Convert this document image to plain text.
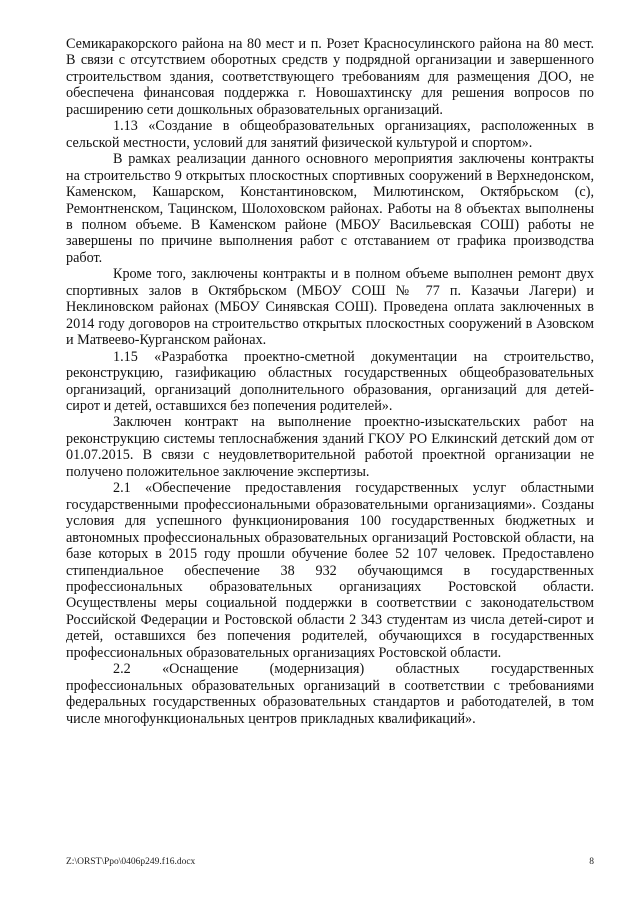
Семикаракорского района на 80 мест и п. Розет Красносулинского района на 80 мест. В связи с отсутствием оборотных средств у подрядной организации и завершенного строительством здания, соответствующего требованиям для размещения ДОО, не обеспечена финансовая поддержка г. Новошахтинску для решения вопросов по расширению сети дошкольных образовательных организаций.

1.13 «Создание в общеобразовательных организациях, расположенных в сельской местности, условий для занятий физической культурой и спортом».

В рамках реализации данного основного мероприятия заключены контракты на строительство 9 открытых плоскостных спортивных сооружений в Верхнедонском, Каменском, Кашарском, Константиновском, Милютинском, Октябрьском (с), Ремонтненском, Тацинском, Шолоховском районах. Работы на 8 объектах выполнены в полном объеме. В Каменском районе (МБОУ Васильевская СОШ) работы не завершены по причине выполнения работ с отставанием от графика производства работ.

Кроме того, заключены контракты и в полном объеме выполнен ремонт двух спортивных залов в Октябрьском (МБОУ СОШ № 77 п. Казачьи Лагери) и Неклиновском районах (МБОУ Синявская СОШ). Проведена оплата заключенных в 2014 году договоров на строительство открытых плоскостных сооружений в Азовском и Матвеево-Курганском районах.

1.15 «Разработка проектно-сметной документации на строительство, реконструкцию, газификацию областных государственных общеобразовательных организаций, организаций дополнительного образования, организаций для детей-сирот и детей, оставшихся без попечения родителей».

Заключен контракт на выполнение проектно-изыскательских работ на реконструкцию системы теплоснабжения зданий ГКОУ РО Елкинский детский дом от 01.07.2015. В связи с неудовлетворительной работой проектной организации не получено положительное заключение экспертизы.

2.1 «Обеспечение предоставления государственных услуг областными государственными профессиональными образовательными организациями». Созданы условия для успешного функционирования 100 государственных бюджетных и автономных профессиональных образовательных организаций Ростовской области, на базе которых в 2015 году прошли обучение более 52 107 человек. Предоставлено стипендиальное обеспечение 38 932 обучающимся в государственных профессиональных образовательных организациях Ростовской области. Осуществлены меры социальной поддержки в соответствии с законодательством Российской Федерации и Ростовской области 2 343 студентам из числа детей-сирот и детей, оставшихся без попечения родителей, обучающихся в государственных профессиональных образовательных организациях Ростовской области.

2.2 «Оснащение (модернизация) областных государственных профессиональных образовательных организаций в соответствии с требованиями федеральных государственных образовательных стандартов и работодателей, в том числе многофункциональных центров прикладных квалификаций».

Z:\ORST\Ppo\0406p249.f16.docx	8
